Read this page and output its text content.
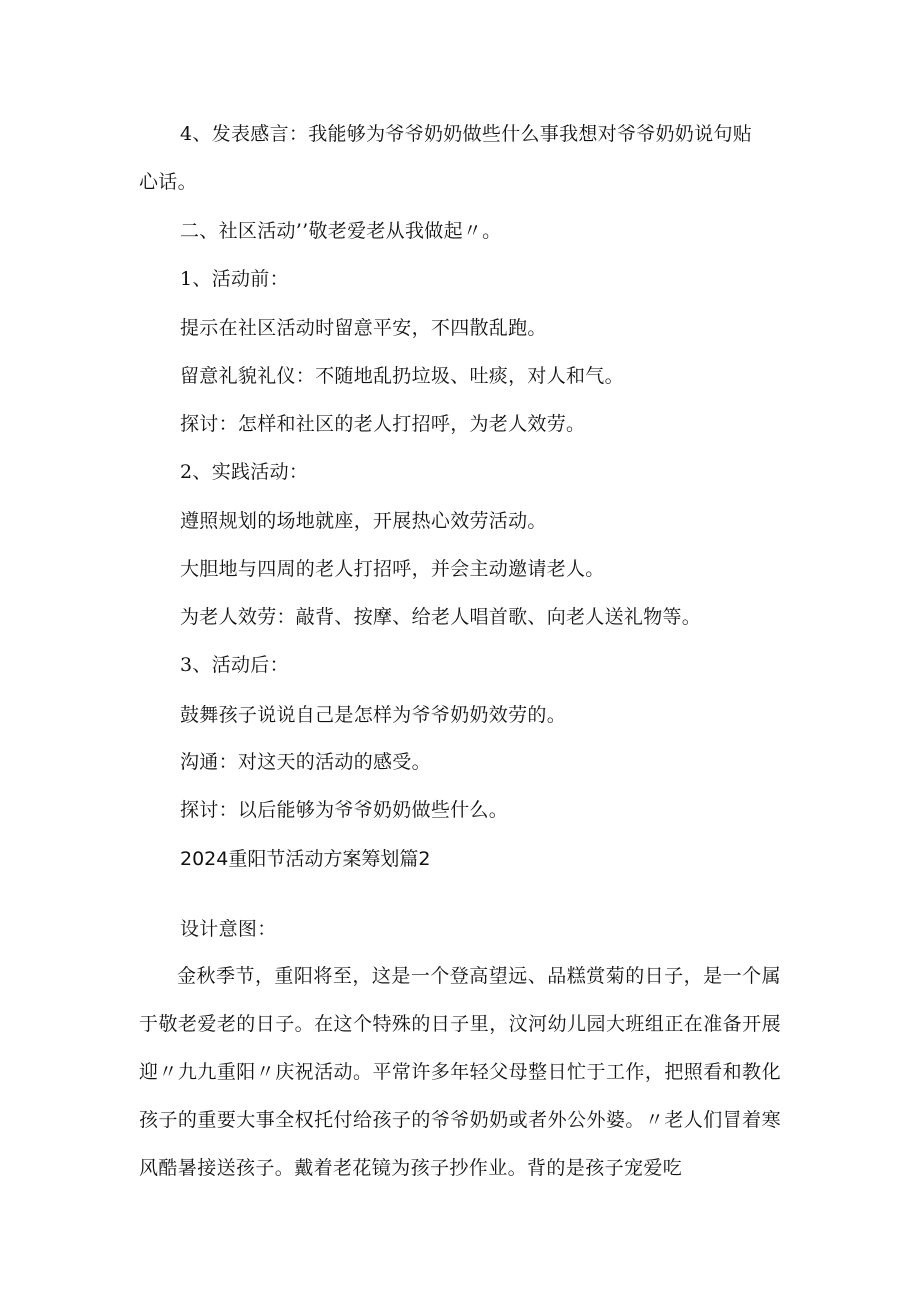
4、发表感言：我能够为爷爷奶奶做些什么事我想对爷爷奶奶说句贴
心话。
二、社区活动’’敬老爱老从我做起〃。
1、活动前：
提示在社区活动时留意平安，不四散乱跑。
留意礼貌礼仪：不随地乱扔垃圾、吐痰，对人和气。
探讨：怎样和社区的老人打招呼，为老人效劳。
2、实践活动：
遵照规划的场地就座，开展热心效劳活动。
大胆地与四周的老人打招呼，并会主动邀请老人。
为老人效劳：敲背、按摩、给老人唱首歌、向老人送礼物等。
3、活动后：
鼓舞孩子说说自己是怎样为爷爷奶奶效劳的。
沟通：对这天的活动的感受。
探讨：以后能够为爷爷奶奶做些什么。
2024重阳节活动方案筹划篇2
设计意图：

金秋季节，重阳将至，这是一个登高望远、品糕赏菊的日子，是一个属于敬老爱老的日子。在这个特殊的日子里，汶河幼儿园大班组正在准备开展迎〃九九重阳〃庆祝活动。平常许多年轻父母整日忙于工作，把照看和教化孩子的重要大事全权托付给孩子的爷爷奶奶或者外公外婆。〃老人们冒着寒风酷暑接送孩子。戴着老花镜为孩子抄作业。背的是孩子宠爱吃
